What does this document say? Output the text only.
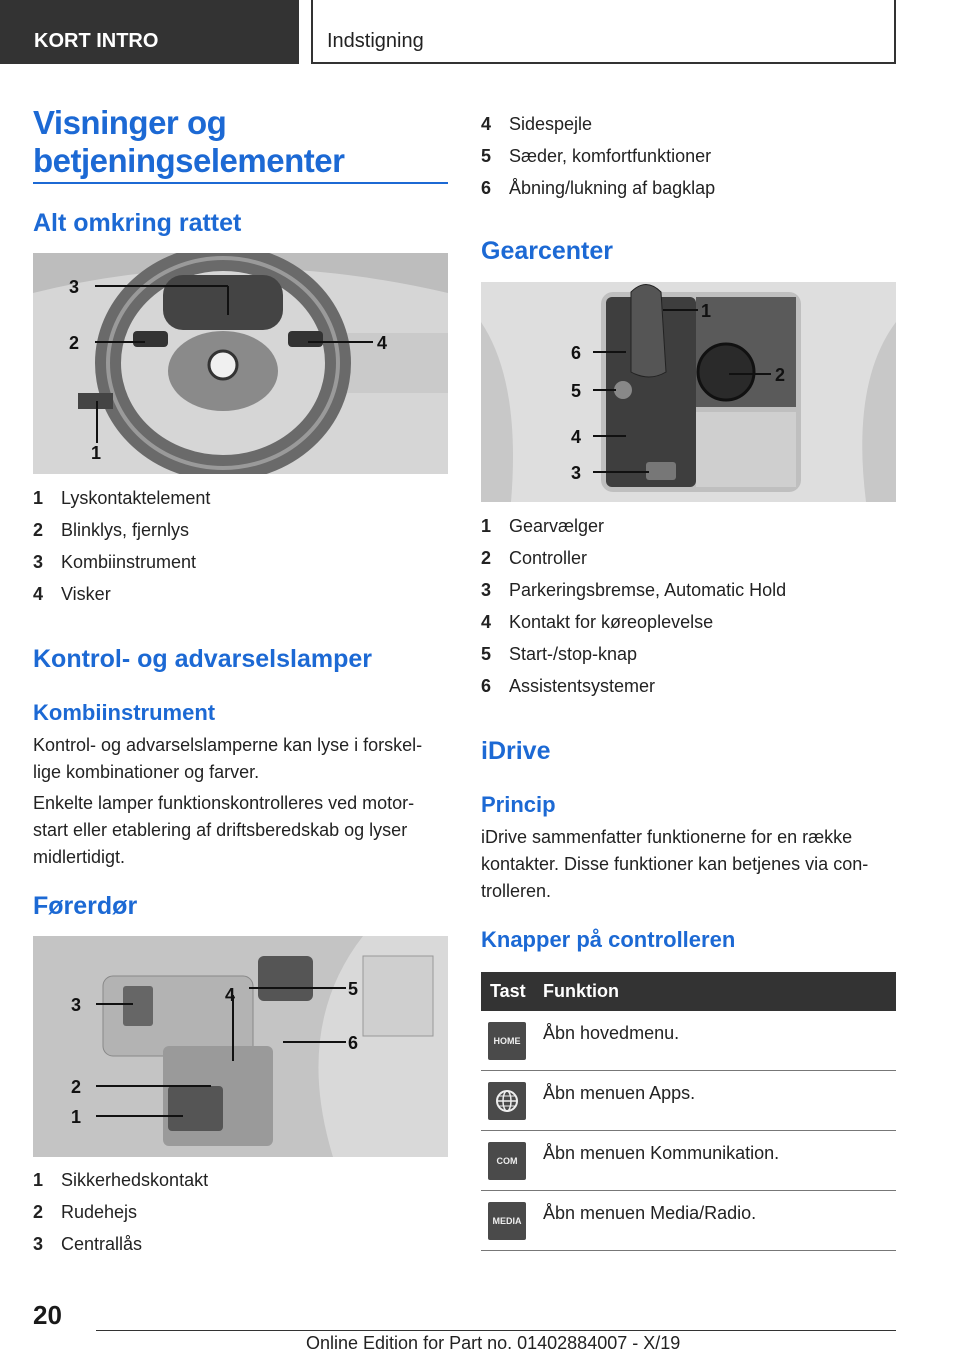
KORT INTRO	Indstigning
Visninger og betjeningselementer
Alt omkring rattet
3
2	4
1
1 Lyskontaktelement
2 Blinklys, fjernlys
3 Kombiinstrument
4 Visker
Kontrol- og advarselslamper
Kombiinstrument
Kontrol- og advarselslamperne kan lyse i forskel-lige kombinationer og farver.
Enkelte lamper funktionskontrolleres ved motor-start eller etablering af driftsberedskab og lyser midlertidigt.
Førerdør
3	4	5
6
2
1
1 Sikkerhedskontakt
2 Rudehejs
3 Centrallås
4 Sidespejle
5 Sæder, komfortfunktioner
6 Åbning/lukning af bagklap
Gearcenter
1
6
5
4
3
2
1 Gearvælger
2 Controller
3 Parkeringsbremse, Automatic Hold
4 Kontakt for køreoplevelse
5 Start-/stop-knap
6 Assistentsystemer
iDrive
Princip
iDrive sammenfatter funktionerne for en række kontakter. Disse funktioner kan betjenes via con-trolleren.
Knapper på controlleren
Tast Funktion
HOME	Åbn hovedmenu.
Åbn menuen Apps.
COM	Åbn menuen Kommunikation.
MEDIA Åbn menuen Media/Radio.
20
Online Edition for Part no. 01402884007 - X/19
